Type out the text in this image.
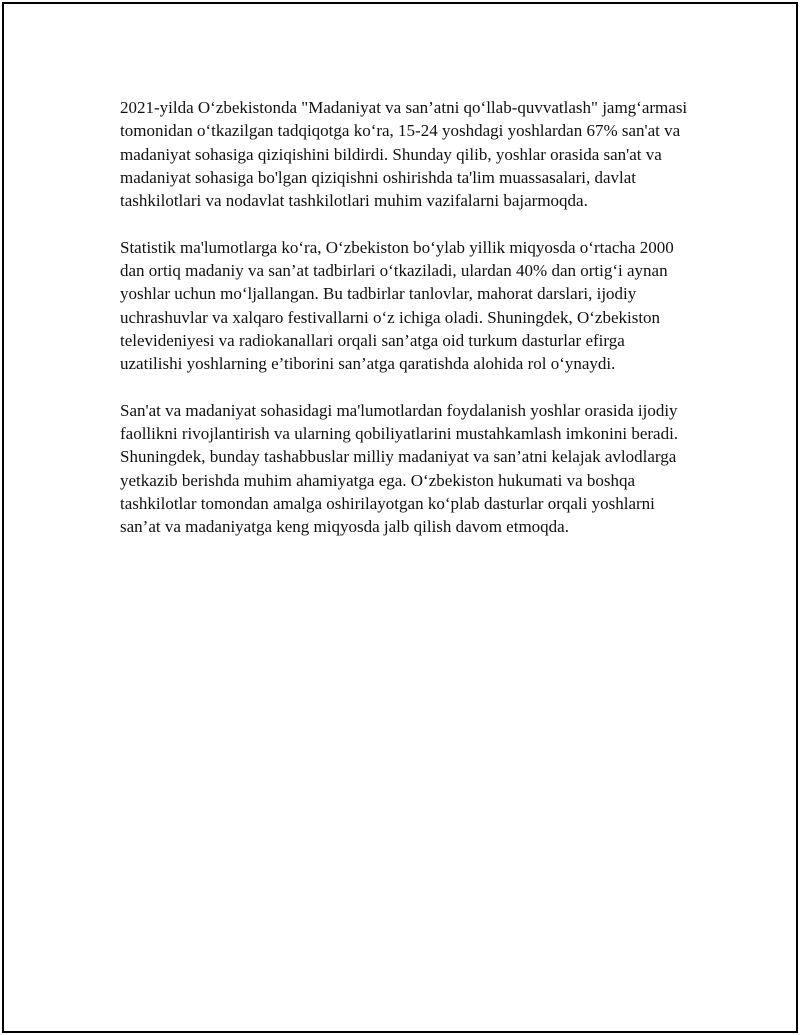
2021-yilda O‘zbekistonda "Madaniyat va san’atni qo‘llab-quvvatlash" jamg‘armasi tomonidan o‘tkazilgan tadqiqotga ko‘ra, 15-24 yoshdagi yoshlardan 67% san'at va madaniyat sohasiga qiziqishini bildirdi. Shunday qilib, yoshlar orasida san'at va madaniyat sohasiga bo'lgan qiziqishni oshirishda ta'lim muassasalari, davlat tashkilotlari va nodavlat tashkilotlari muhim vazifalarni bajarmoqda.

Statistik ma'lumotlarga ko‘ra, O‘zbekiston bo‘ylab yillik miqyosda o‘rtacha 2000 dan ortiq madaniy va san’at tadbirlari o‘tkaziladi, ulardan 40% dan ortig‘i aynan yoshlar uchun mo‘ljallangan. Bu tadbirlar tanlovlar, mahorat darslari, ijodiy uchrashuvlar va xalqaro festivallarni o‘z ichiga oladi. Shuningdek, O‘zbekiston televideniyesi va radiokanallari orqali san’atga oid turkum dasturlar efirga uzatilishi yoshlarning e’tiborini san’atga qaratishda alohida rol o‘ynaydi.

San'at va madaniyat sohasidagi ma'lumotlardan foydalanish yoshlar orasida ijodiy faollikni rivojlantirish va ularning qobiliyatlarini mustahkamlash imkonini beradi. Shuningdek, bunday tashabbuslar milliy madaniyat va san’atni kelajak avlodlarga yetkazib berishda muhim ahamiyatga ega. O‘zbekiston hukumati va boshqa tashkilotlar tomondan amalga oshirilayotgan ko‘plab dasturlar orqali yoshlarni san’at va madaniyatga keng miqyosda jalb qilish davom etmoqda.
